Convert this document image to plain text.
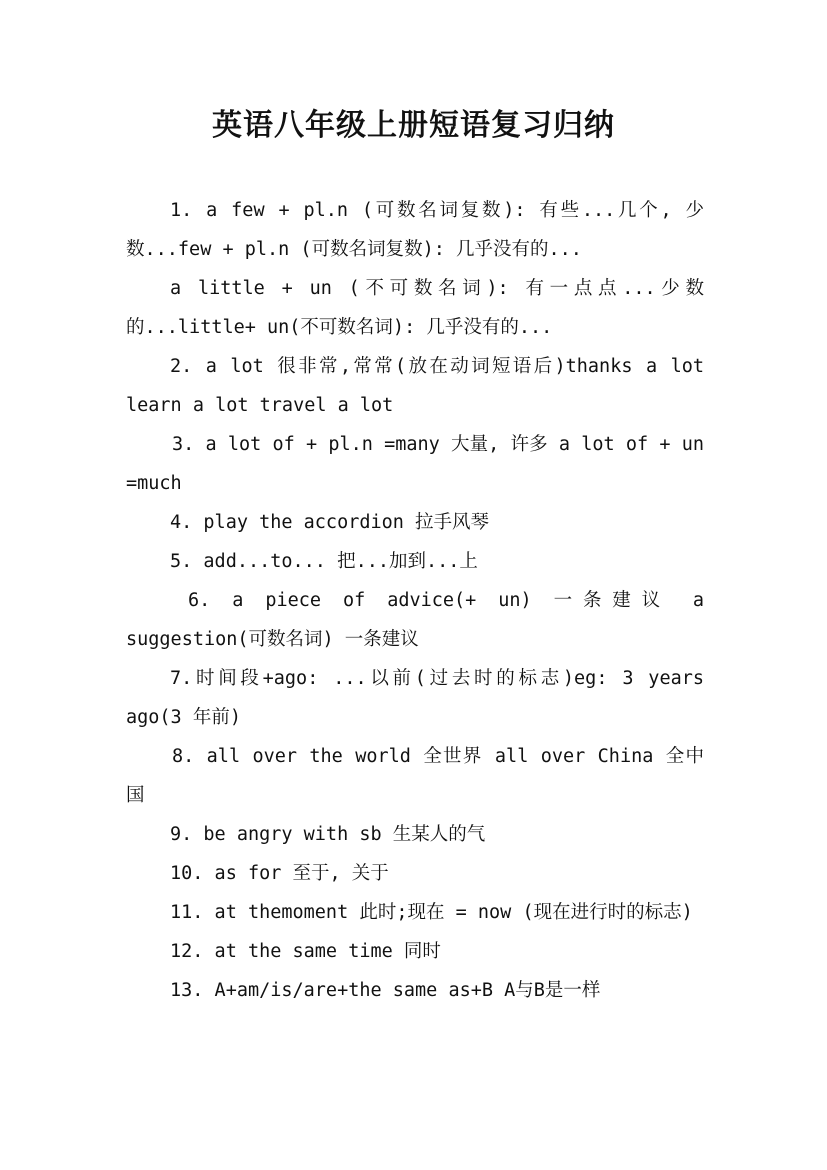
英语八年级上册短语复习归纳

1. a few + pl.n (可数名词复数): 有些...几个, 少数...few + pl.n (可数名词复数): 几乎没有的...

a little + un (不可数名词): 有一点点...少数的...little+ un(不可数名词): 几乎没有的...

2. a lot 很非常,常常(放在动词短语后)thanks a lot learn a lot travel a lot

3. a lot of + pl.n =many 大量, 许多 a lot of + un =much

4. play the accordion 拉手风琴

5. add...to... 把...加到...上

6. a piece of advice(+ un) 一条建议 a suggestion(可数名词) 一条建议

7.时间段+ago: ...以前(过去时的标志)eg: 3 years ago(3 年前)

8. all over the world 全世界 all over China 全中国

9. be angry with sb 生某人的气

10. as for 至于, 关于

11. at themoment 此时;现在 = now (现在进行时的标志)

12. at the same time 同时

13. A+am/is/are+the same as+B A与B是一样
